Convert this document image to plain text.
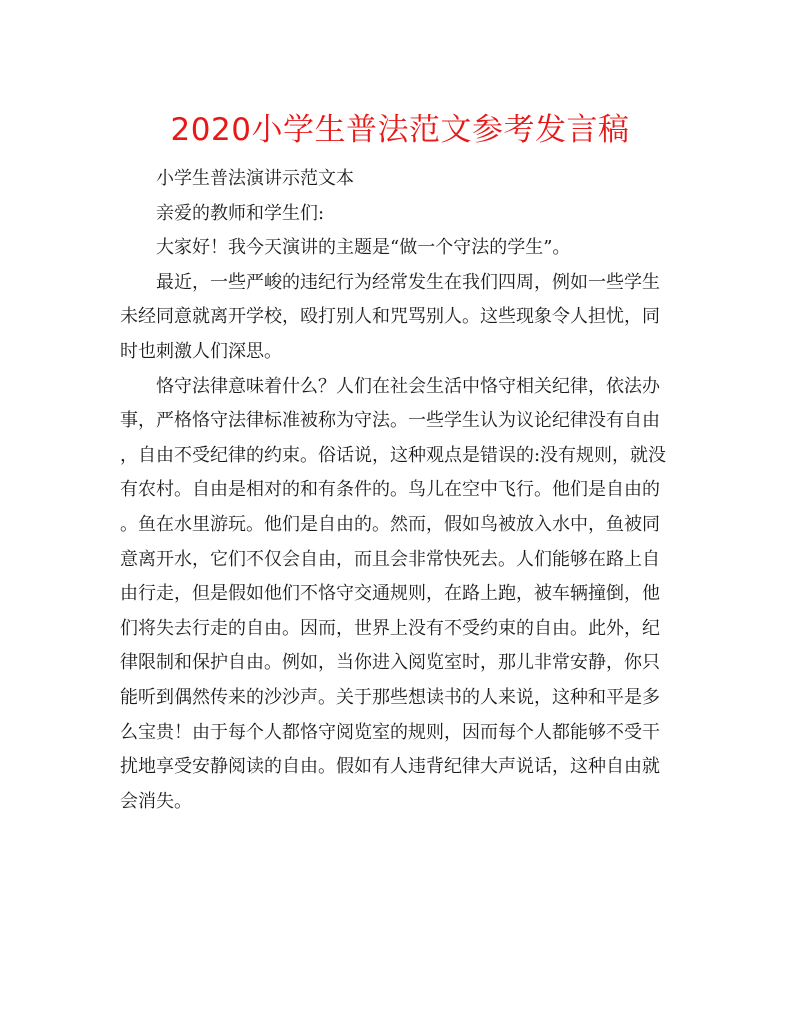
2020小学生普法范文参考发言稿

小学生普法演讲示范文本

亲爱的教师和学生们:

大家好！我今天演讲的主题是“做一个守法的学生”。

最近，一些严峻的违纪行为经常发生在我们四周，例如一些学生
未经同意就离开学校，殴打别人和咒骂别人。这些现象令人担忧，同
时也刺激人们深思。

恪守法律意味着什么？人们在社会生活中恪守相关纪律，依法办
事，严格恪守法律标准被称为守法。一些学生认为议论纪律没有自由
，自由不受纪律的约束。俗话说，这种观点是错误的:没有规则，就没
有农村。自由是相对的和有条件的。鸟儿在空中飞行。他们是自由的
。鱼在水里游玩。他们是自由的。然而，假如鸟被放入水中，鱼被同
意离开水，它们不仅会自由，而且会非常快死去。人们能够在路上自
由行走，但是假如他们不恪守交通规则，在路上跑，被车辆撞倒，他
们将失去行走的自由。因而，世界上没有不受约束的自由。此外，纪
律限制和保护自由。例如，当你进入阅览室时，那儿非常安静，你只
能听到偶然传来的沙沙声。关于那些想读书的人来说，这种和平是多
么宝贵！由于每个人都恪守阅览室的规则，因而每个人都能够不受干
扰地享受安静阅读的自由。假如有人违背纪律大声说话，这种自由就
会消失。
